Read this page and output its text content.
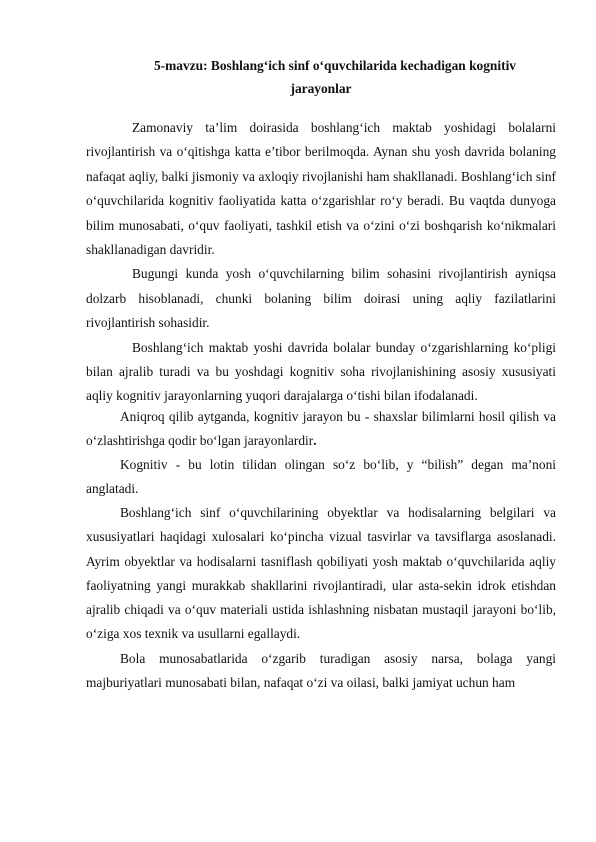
5-mavzu: Boshlang‘ich sinf o‘quvchilarida kechadigan kognitiv
jarayonlar

Zamonaviy ta’lim doirasida boshlang‘ich maktab yoshidagi bolalarni rivojlantirish va o‘qitishga katta e’tibor berilmoqda. Aynan shu yosh davrida bolaning nafaqat aqliy, balki jismoniy va axloqiy rivojlanishi ham shakllanadi. Boshlang‘ich sinf o‘quvchilarida kognitiv faoliyatida katta o‘zgarishlar ro‘y beradi. Bu vaqtda dunyoga bilim munosabati, o‘quv faoliyati, tashkil etish va o‘zini o‘zi boshqarish ko‘nikmalari shakllanadigan davridir.

Bugungi kunda yosh o‘quvchilarning bilim sohasini rivojlantirish ayniqsa dolzarb hisoblanadi, chunki bolaning bilim doirasi uning aqliy fazilatlarini rivojlantirish sohasidir.

Boshlang‘ich maktab yoshi davrida bolalar bunday o‘zgarishlarning ko‘pligi bilan ajralib turadi va bu yoshdagi kognitiv soha rivojlanishining asosiy xususiyati aqliy kognitiv jarayonlarning yuqori darajalarga o‘tishi bilan ifodalanadi.

Aniqroq qilib aytganda, kognitiv jarayon bu - shaxslar bilimlarni hosil qilish va o‘zlashtirishga qodir bo‘lgan jarayonlardir.

Kognitiv - bu lotin tilidan olingan so‘z bo‘lib, y “bilish” degan ma’noni anglatadi.

Boshlang‘ich sinf o‘quvchilarining obyektlar va hodisalarning belgilari va xususiyatlari haqidagi xulosalari ko‘pincha vizual tasvirlar va tavsiflarga asoslanadi. Ayrim obyektlar va hodisalarni tasniflash qobiliyati yosh maktab o‘quvchilarida aqliy faoliyatning yangi murakkab shakllarini rivojlantiradi, ular asta-sekin idrok etishdan ajralib chiqadi va o‘quv materiali ustida ishlashning nisbatan mustaqil jarayoni bo‘lib, o‘ziga xos texnik va usullarni egallaydi.

Bola munosabatlarida o‘zgarib turadigan asosiy narsa, bolaga yangi majburiyatlari munosabati bilan, nafaqat o‘zi va oilasi, balki jamiyat uchun ham
